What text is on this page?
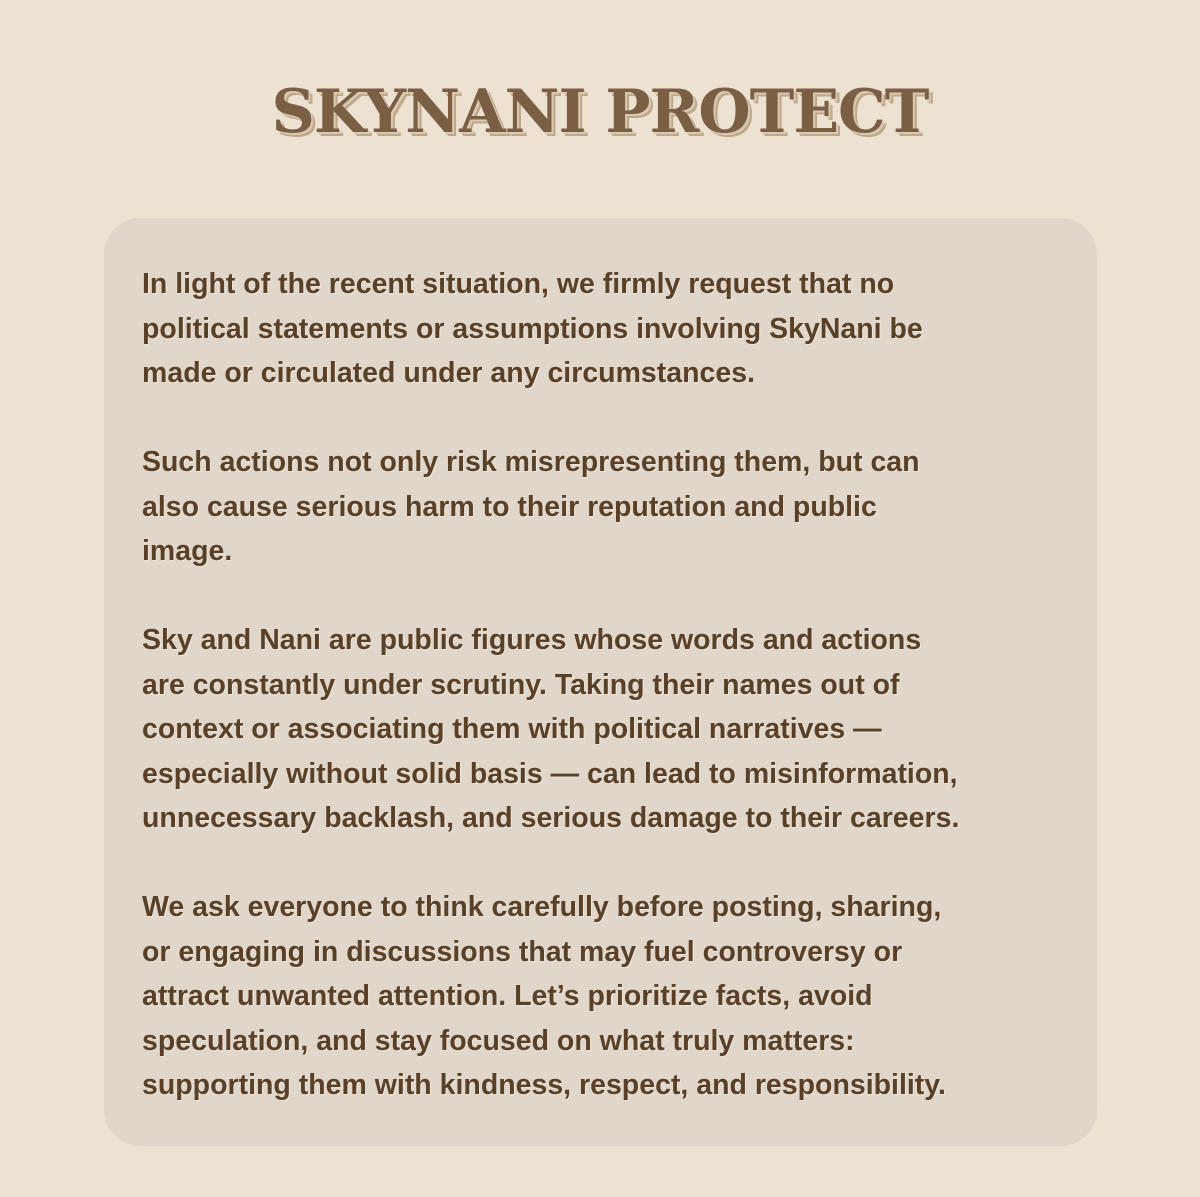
SKYNANI PROTECT

In light of the recent situation, we firmly request that no
political statements or assumptions involving SkyNani be
made or circulated under any circumstances.

Such actions not only risk misrepresenting them, but can
also cause serious harm to their reputation and public
image.

Sky and Nani are public figures whose words and actions
are constantly under scrutiny. Taking their names out of
context or associating them with political narratives —
especially without solid basis — can lead to misinformation,
unnecessary backlash, and serious damage to their careers.

We ask everyone to think carefully before posting, sharing,
or engaging in discussions that may fuel controversy or
attract unwanted attention. Let’s prioritize facts, avoid
speculation, and stay focused on what truly matters:
supporting them with kindness, respect, and responsibility.
